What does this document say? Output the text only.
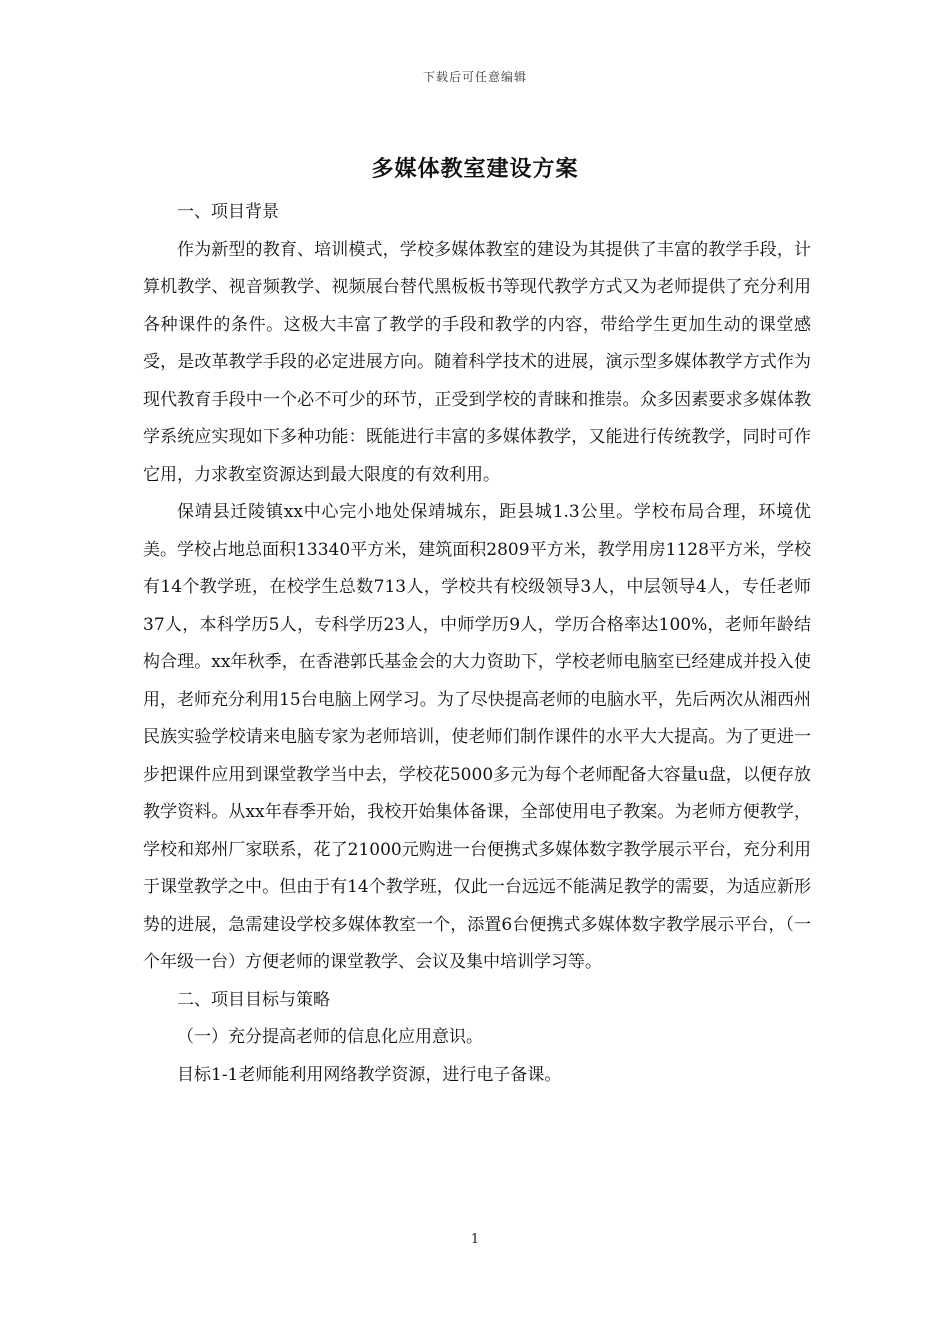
下载后可任意编辑
多媒体教室建设方案

一、项目背景

作为新型的教育、培训模式，学校多媒体教室的建设为其提供了丰富的教学手段，计算机教学、视音频教学、视频展台替代黑板板书等现代教学方式又为老师提供了充分利用各种课件的条件。这极大丰富了教学的手段和教学的内容，带给学生更加生动的课堂感受，是改革教学手段的必定进展方向。随着科学技术的进展，演示型多媒体教学方式作为现代教育手段中一个必不可少的环节，正受到学校的青睐和推崇。众多因素要求多媒体教学系统应实现如下多种功能：既能进行丰富的多媒体教学，又能进行传统教学，同时可作它用，力求教室资源达到最大限度的有效利用。

保靖县迁陵镇xx中心完小地处保靖城东，距县城1.3公里。学校布局合理，环境优美。学校占地总面积13340平方米，建筑面积2809平方米，教学用房1128平方米，学校有14个教学班，在校学生总数713人，学校共有校级领导3人，中层领导4人，专任老师37人，本科学历5人，专科学历23人，中师学历9人，学历合格率达100%，老师年龄结构合理。xx年秋季，在香港郭氏基金会的大力资助下，学校老师电脑室已经建成并投入使用，老师充分利用15台电脑上网学习。为了尽快提高老师的电脑水平，先后两次从湘西州民族实验学校请来电脑专家为老师培训，使老师们制作课件的水平大大提高。为了更进一步把课件应用到课堂教学当中去，学校花5000多元为每个老师配备大容量u盘，以便存放教学资料。从xx年春季开始，我校开始集体备课，全部使用电子教案。为老师方便教学，学校和郑州厂家联系，花了21000元购进一台便携式多媒体数字教学展示平台，充分利用于课堂教学之中。但由于有14个教学班，仅此一台远远不能满足教学的需要，为适应新形势的进展，急需建设学校多媒体教室一个，添置6台便携式多媒体数字教学展示平台，（一个年级一台）方便老师的课堂教学、会议及集中培训学习等。

二、项目目标与策略

（一）充分提高老师的信息化应用意识。

目标1-1老师能利用网络教学资源，进行电子备课。

1
